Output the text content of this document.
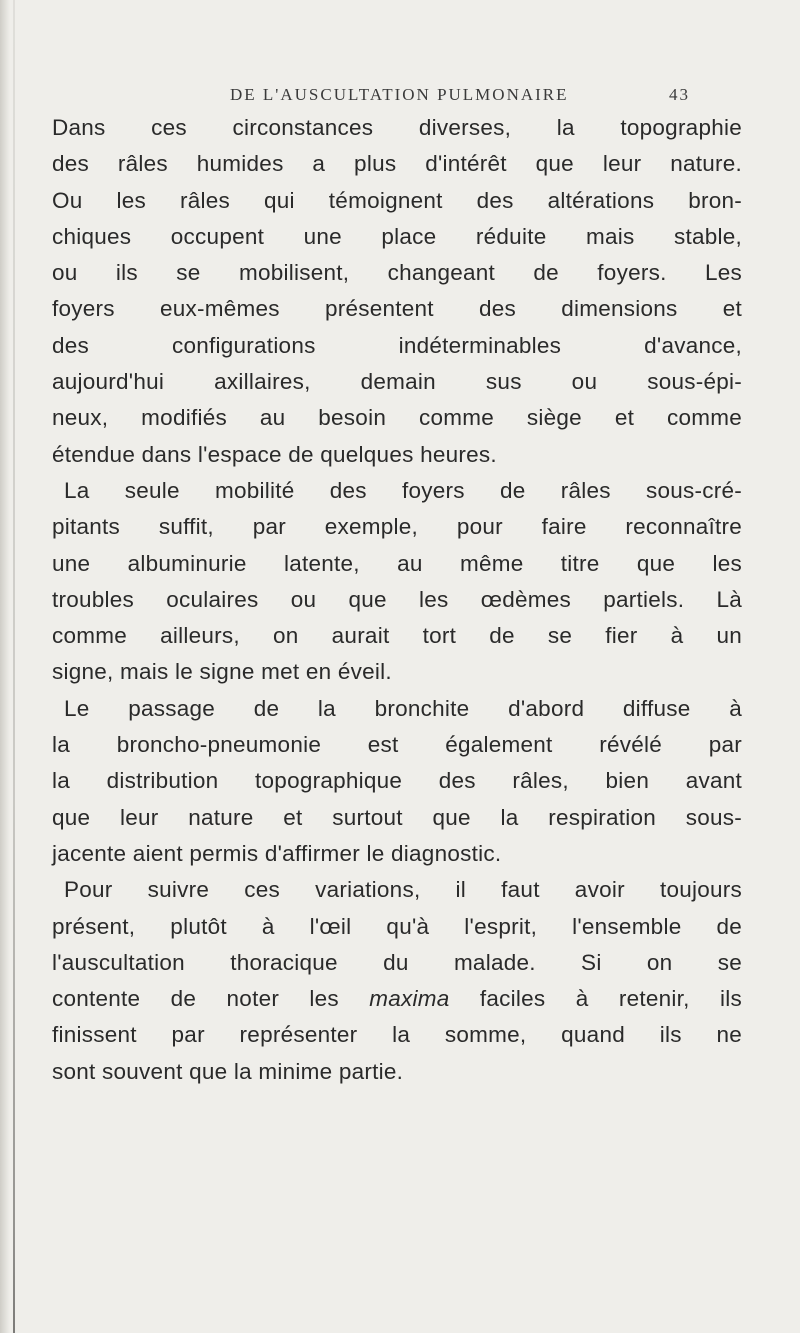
DE L'AUSCULTATION PULMONAIRE	43
Dans ces circonstances diverses, la topographie
des râles humides a plus d'intérêt que leur nature.
Ou les râles qui témoignent des altérations bron-
chiques occupent une place réduite mais stable,
ou ils se mobilisent, changeant de foyers. Les
foyers eux-mêmes présentent des dimensions et
des configurations indéterminables d'avance,
aujourd'hui axillaires, demain sus ou sous-épi-
neux, modifiés au besoin comme siège et comme
étendue dans l'espace de quelques heures.
La seule mobilité des foyers de râles sous-cré-
pitants suffit, par exemple, pour faire reconnaître
une albuminurie latente, au même titre que les
troubles oculaires ou que les œdèmes partiels. Là
comme ailleurs, on aurait tort de se fier à un
signe, mais le signe met en éveil.
Le passage de la bronchite d'abord diffuse à
la broncho-pneumonie est également révélé par
la distribution topographique des râles, bien avant
que leur nature et surtout que la respiration sous-
jacente aient permis d'affirmer le diagnostic.
Pour suivre ces variations, il faut avoir toujours
présent, plutôt à l'œil qu'à l'esprit, l'ensemble de
l'auscultation thoracique du malade. Si on se
contente de noter les maxima faciles à retenir, ils
finissent par représenter la somme, quand ils ne
sont souvent que la minime partie.
